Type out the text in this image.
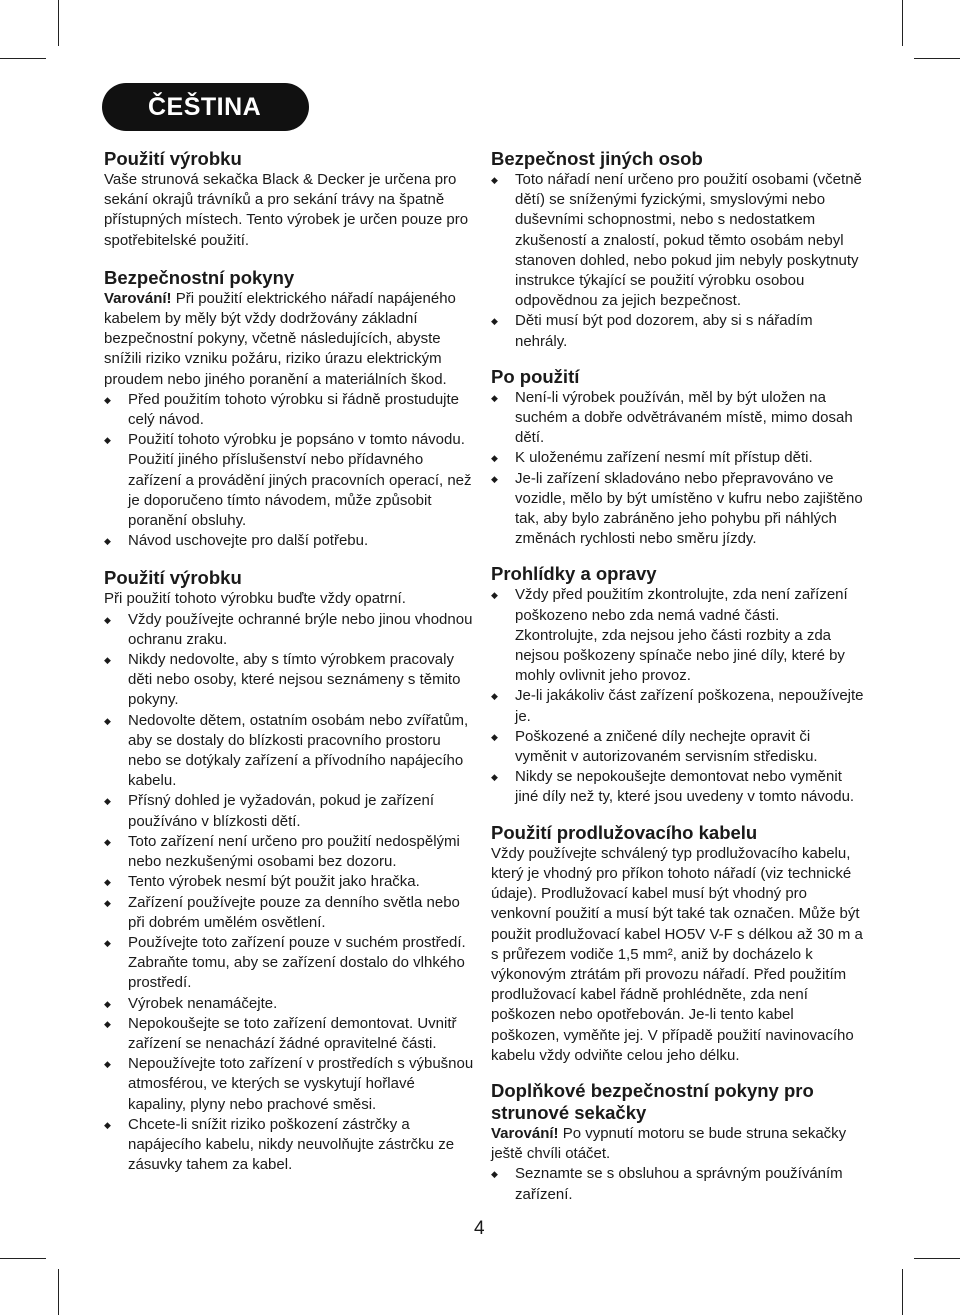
ČEŠTINA
Použití výrobku

Vaše strunová sekačka Black & Decker je určena pro sekání okrajů trávníků a pro sekání trávy na špatně přístupných místech. Tento výrobek je určen pouze pro spotřebitelské použití.

Bezpečnostní pokyny

Varování! Při použití elektrického nářadí napájeného kabelem by měly být vždy dodržovány základní bezpečnostní pokyny, včetně následujících, abyste snížili riziko vzniku požáru, riziko úrazu elektrickým proudem nebo jiného poranění a materiálních škod.

◆ Před použitím tohoto výrobku si řádně prostudujte celý návod.
◆ Použití tohoto výrobku je popsáno v tomto návodu. Použití jiného příslušenství nebo přídavného zařízení a provádění jiných pracovních operací, než je doporučeno tímto návodem, může způsobit poranění obsluhy.
◆ Návod uschovejte pro další potřebu.
Použití výrobku

Při použití tohoto výrobku buďte vždy opatrní.

◆ Vždy používejte ochranné brýle nebo jinou vhodnou ochranu zraku.
◆ Nikdy nedovolte, aby s tímto výrobkem pracovaly děti nebo osoby, které nejsou seznámeny s těmito pokyny.
◆ Nedovolte dětem, ostatním osobám nebo zvířatům, aby se dostaly do blízkosti pracovního prostoru nebo se dotýkaly zařízení a přívodního napájecího kabelu.
◆ Přísný dohled je vyžadován, pokud je zařízení používáno v blízkosti dětí.
◆ Toto zařízení není určeno pro použití nedospělými nebo nezkušenými osobami bez dozoru.
◆ Tento výrobek nesmí být použit jako hračka.
◆ Zařízení používejte pouze za denního světla nebo při dobrém umělém osvětlení.
◆ Používejte toto zařízení pouze v suchém prostředí. Zabraňte tomu, aby se zařízení dostalo do vlhkého prostředí.
◆ Výrobek nenamáčejte.
◆ Nepokoušejte se toto zařízení demontovat. Uvnitř zařízení se nenachází žádné opravitelné části.
◆ Nepoužívejte toto zařízení v prostředích s výbušnou atmosférou, ve kterých se vyskytují hořlavé kapaliny, plyny nebo prachové směsi.
◆ Chcete-li snížit riziko poškození zástrčky a napájecího kabelu, nikdy neuvolňujte zástrčku ze zásuvky tahem za kabel.
Bezpečnost jiných osob
◆ Toto nářadí není určeno pro použití osobami (včetně dětí) se sníženými fyzickými, smyslovými nebo duševními schopnostmi, nebo s nedostatkem zkušeností a znalostí, pokud těmto osobám nebyl stanoven dohled, nebo pokud jim nebyly poskytnuty instrukce týkající se použití výrobku osobou odpovědnou za jejich bezpečnost.
◆ Děti musí být pod dozorem, aby si s nářadím nehrály.
Po použití
◆ Není-li výrobek používán, měl by být uložen na suchém a dobře odvětrávaném místě, mimo dosah dětí.
◆ K uloženému zařízení nesmí mít přístup děti.
◆ Je-li zařízení skladováno nebo přepravováno ve vozidle, mělo by být umístěno v kufru nebo zajištěno tak, aby bylo zabráněno jeho pohybu při náhlých změnách rychlosti nebo směru jízdy.
Prohlídky a opravy
◆ Vždy před použitím zkontrolujte, zda není zařízení poškozeno nebo zda nemá vadné části. Zkontrolujte, zda nejsou jeho části rozbity a zda nejsou poškozeny spínače nebo jiné díly, které by mohly ovlivnit jeho provoz.
◆ Je-li jakákoliv část zařízení poškozena, nepoužívejte je.
◆ Poškozené a zničené díly nechejte opravit či vyměnit v autorizovaném servisním středisku.
◆ Nikdy se nepokoušejte demontovat nebo vyměnit jiné díly než ty, které jsou uvedeny v tomto návodu.
Použití prodlužovacího kabelu

Vždy používejte schválený typ prodlužovacího kabelu, který je vhodný pro příkon tohoto nářadí (viz technické údaje). Prodlužovací kabel musí být vhodný pro venkovní použití a musí být také tak označen. Může být použit prodlužovací kabel HO5V V-F s délkou až 30 m a s průřezem vodiče 1,5 mm², aniž by docházelo k výkonovým ztrátám při provozu nářadí. Před použitím prodlužovací kabel řádně prohlédněte, zda není poškozen nebo opotřebován. Je-li tento kabel poškozen, vyměňte jej. V případě použití navinovacího kabelu vždy odviňte celou jeho délku.

Doplňkové bezpečnostní pokyny pro strunové sekačky

Varování! Po vypnutí motoru se bude struna sekačky ještě chvíli otáčet.

◆ Seznamte se s obsluhou a správným používáním zařízení.
4
